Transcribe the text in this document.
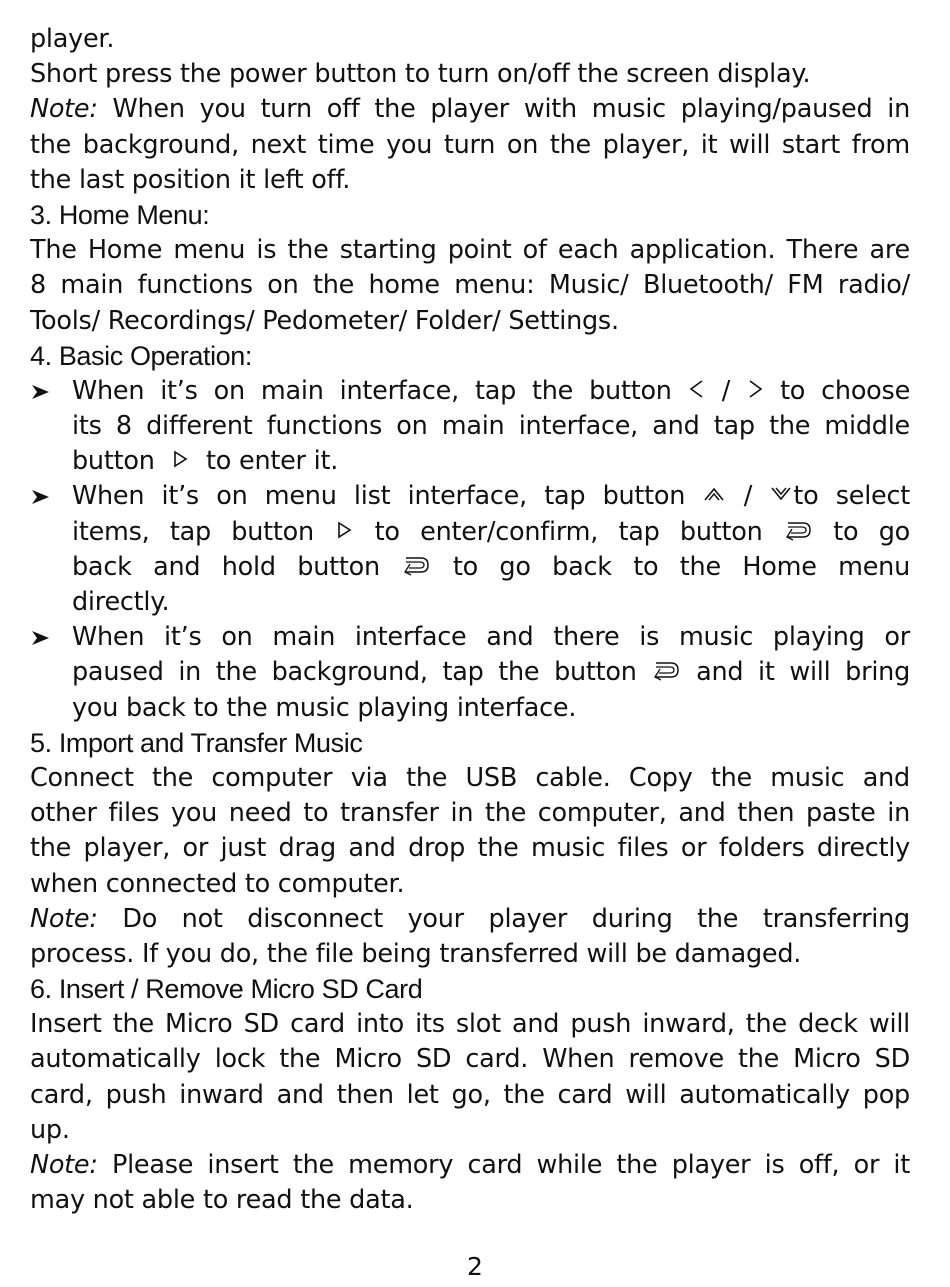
player.
Short press the power button to turn on/off the screen display.
Note: When you turn off the player with music playing/paused in
the background, next time you turn on the player, it will start from
the last position it left off.
3. Home Menu:
The Home menu is the starting point of each application. There are
8 main functions on the home menu: Music/ Bluetooth/ FM radio/
Tools/ Recordings/ Pedometer/ Folder/ Settings.
4. Basic Operation:
When it’s on main interface, tap the button / to choose
its 8 different functions on main interface, and tap the middle
button to enter it.
When it’s on menu list interface, tap button / to select
items, tap button to enter/confirm, tap button	to go
back and hold button	to go back to the Home menu
directly.
When it’s on main interface and there is music playing or
paused in the background, tap the button and it will bring
you back to the music playing interface.
5. Import and Transfer Music
Connect the computer via the USB cable. Copy the music and
other files you need to transfer in the computer, and then paste in
the player, or just drag and drop the music files or folders directly
when connected to computer.
Note: Do not disconnect your player during the transferring
process. If you do, the file being transferred will be damaged.
6. Insert / Remove Micro SD Card
Insert the Micro SD card into its slot and push inward, the deck will
automatically lock the Micro SD card. When remove the Micro SD
card, push inward and then let go, the card will automatically pop
up.
Note: Please insert the memory card while the player is off, or it
may not able to read the data.
2
